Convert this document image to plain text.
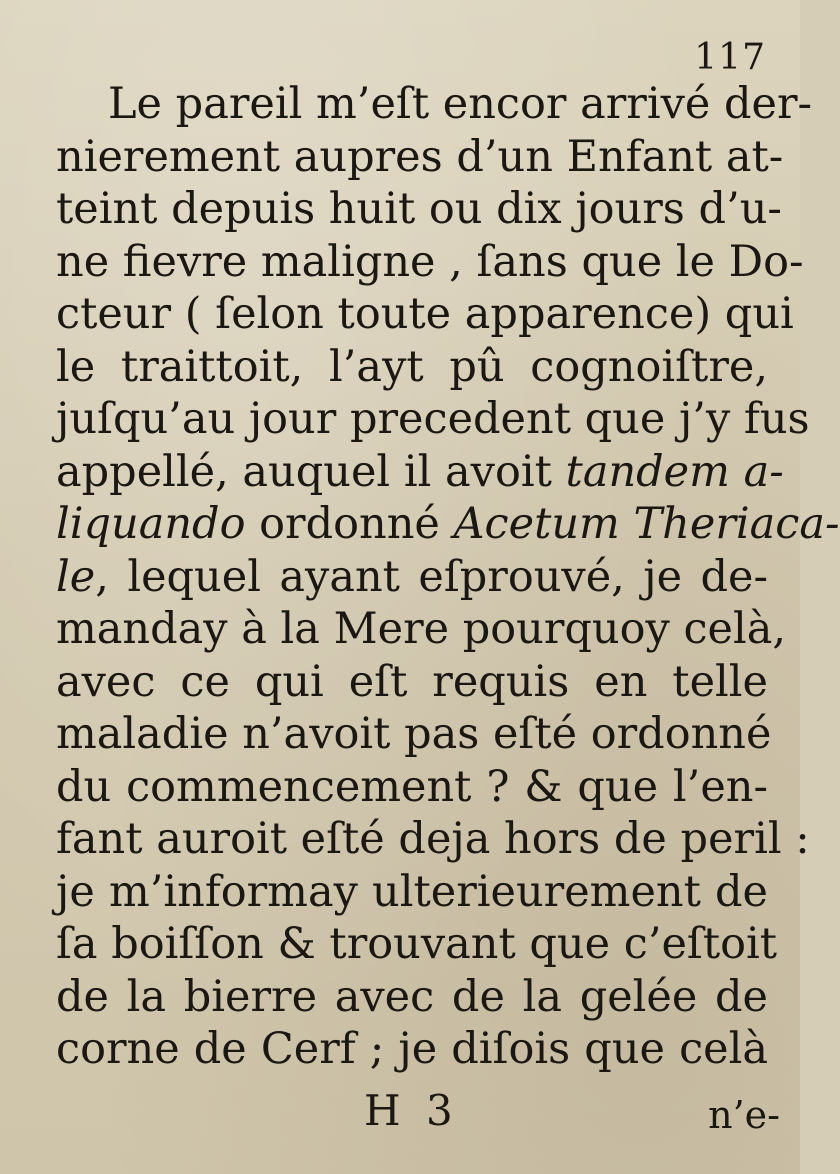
117
Le pareil m’eſt encor arrivé der-
nierement aupres d’un Enfant at-
teint depuis huit ou dix jours d’u-
ne fievre maligne , ſans que le Do-
cteur ( ſelon toute apparence) qui
le traittoit, l’ayt pû cognoiſtre,
juſqu’au jour precedent que j’y fus
appellé, auquel il avoit tandem a-
liquando ordonné Acetum Theriaca-
le, lequel ayant eſprouvé, je de-
manday à la Mere pourquoy celà,
avec ce qui eſt requis en telle
maladie n’avoit pas eſté ordonné
du commencement ? & que l’en-
fant auroit eſté deja hors de peril :
je m’informay ulterieurement de
ſa boiſſon & trouvant que c’eſtoit
de la bierre avec de la gelée de
corne de Cerf ; je diſois que celà
H 3	n’e-
